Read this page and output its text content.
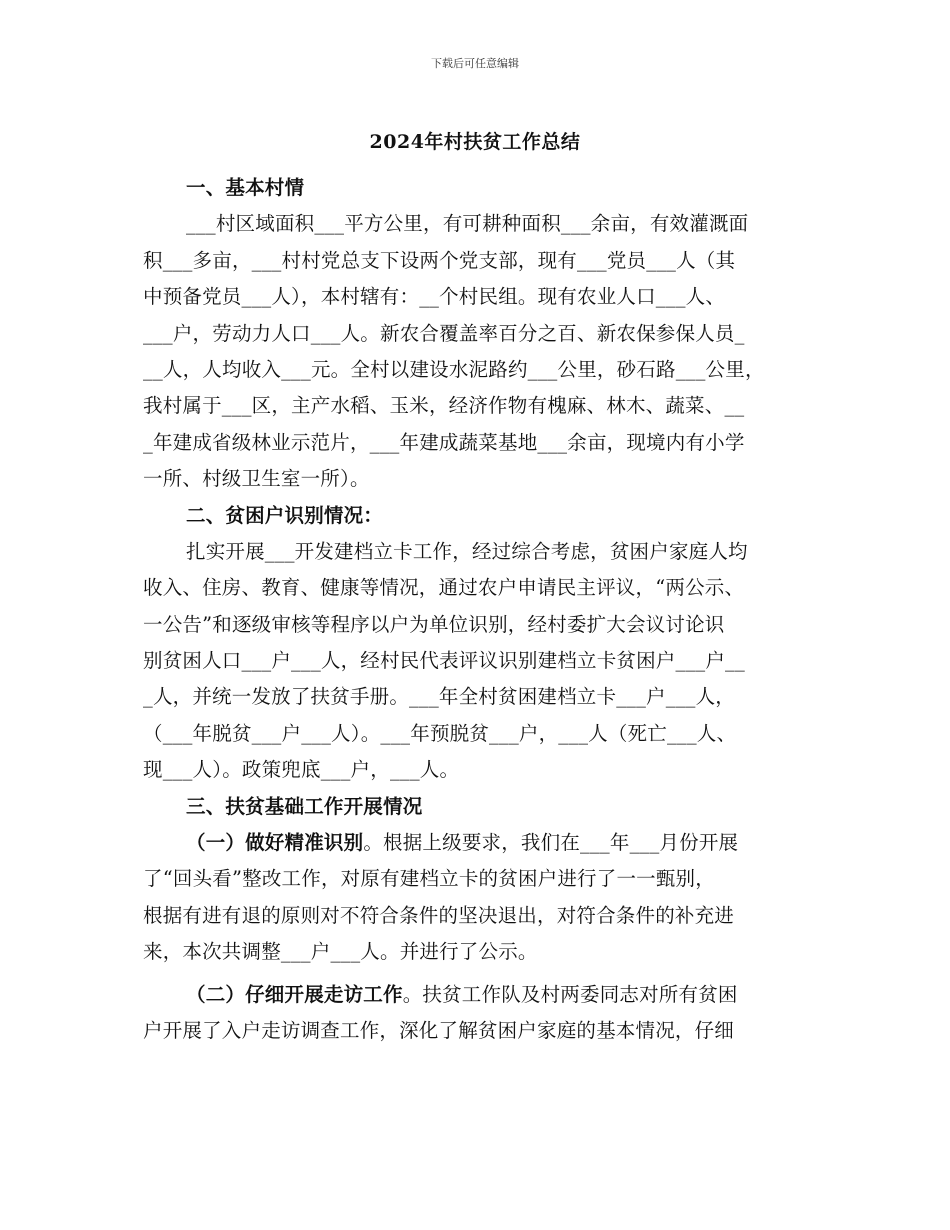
下载后可任意编辑
2024年村扶贫工作总结
一、基本村情
___村区域面积___平方公里，有可耕种面积___余亩，有效灌溉面
积___多亩，___村村党总支下设两个党支部，现有___党员___人（其
中预备党员___人），本村辖有：__个村民组。现有农业人口___人、
___户，劳动力人口___人。新农合覆盖率百分之百、新农保参保人员_
__人，人均收入___元。全村以建设水泥路约___公里，砂石路___公里，
我村属于___区，主产水稻、玉米，经济作物有槐麻、林木、蔬菜、__
_年建成省级林业示范片，___年建成蔬菜基地___余亩，现境内有小学
一所、村级卫生室一所）。
二、贫困户识别情况：
扎实开展___开发建档立卡工作，经过综合考虑，贫困户家庭人均
收入、住房、教育、健康等情况，通过农户申请民主评议，“两公示、
一公告”和逐级审核等程序以户为单位识别，经村委扩大会议讨论识
别贫困人口___户___人，经村民代表评议识别建档立卡贫困户___户__
_人，并统一发放了扶贫手册。___年全村贫困建档立卡___户___人，
（___年脱贫___户___人）。___年预脱贫___户，___人（死亡___人、
现___人）。政策兜底___户，___人。
三、扶贫基础工作开展情况
（一）做好精准识别。根据上级要求，我们在___年___月份开展
了“回头看”整改工作，对原有建档立卡的贫困户进行了一一甄别，
根据有进有退的原则对不符合条件的坚决退出，对符合条件的补充进
来，本次共调整___户___人。并进行了公示。
（二）仔细开展走访工作。扶贫工作队及村两委同志对所有贫困
户开展了入户走访调查工作，深化了解贫困户家庭的基本情况，仔细
